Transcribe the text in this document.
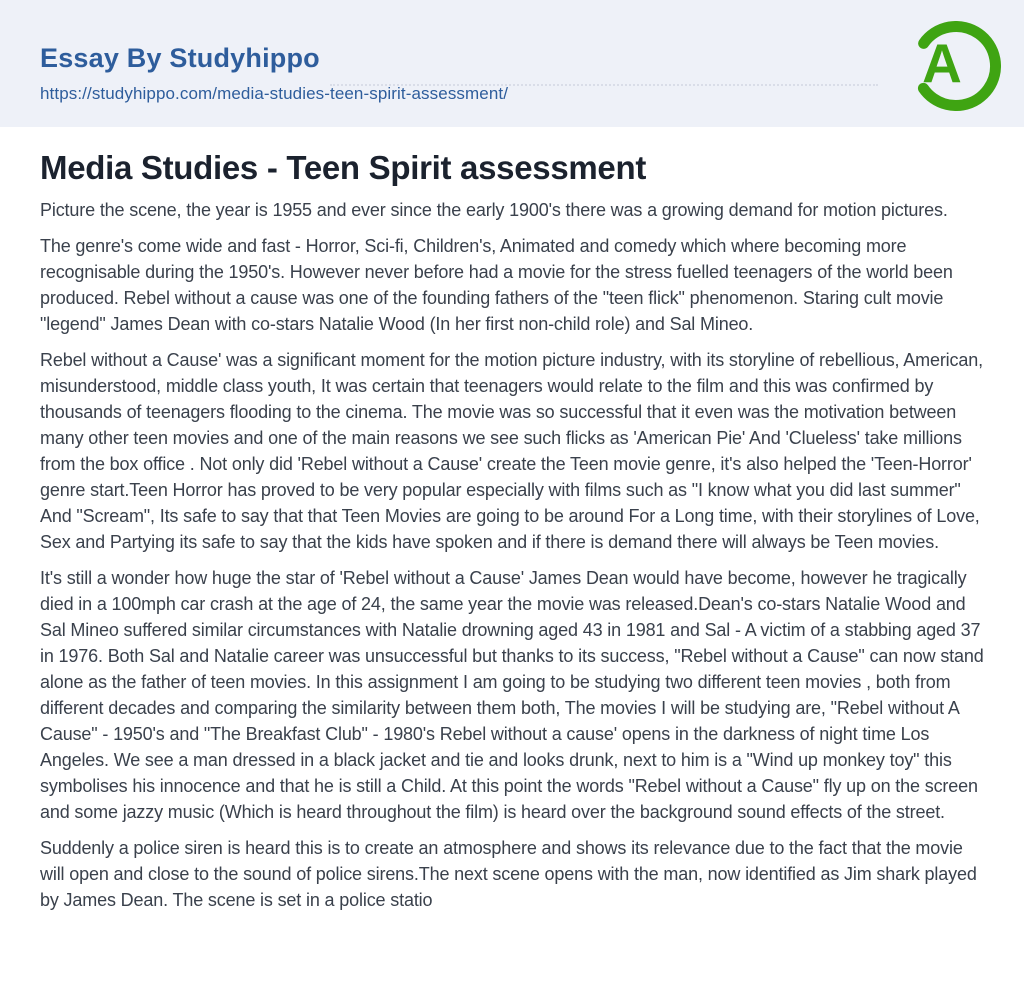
Essay By Studyhippo
https://studyhippo.com/media-studies-teen-spirit-assessment/	A
Media Studies - Teen Spirit assessment

Picture the scene, the year is 1955 and ever since the early 1900's there was a growing demand for motion pictures.

The genre's come wide and fast - Horror, Sci-fi, Children's, Animated and comedy which where becoming more recognisable during the 1950's. However never before had a movie for the stress fuelled teenagers of the world been produced. Rebel without a cause was one of the founding fathers of the "teen flick" phenomenon. Staring cult movie "legend" James Dean with co-stars Natalie Wood (In her first non-child role) and Sal Mineo.

Rebel without a Cause' was a significant moment for the motion picture industry, with its storyline of rebellious, American, misunderstood, middle class youth, It was certain that teenagers would relate to the film and this was confirmed by thousands of teenagers flooding to the cinema. The movie was so successful that it even was the motivation between many other teen movies and one of the main reasons we see such flicks as 'American Pie' And 'Clueless' take millions from the box office . Not only did 'Rebel without a Cause' create the Teen movie genre, it's also helped the 'Teen-Horror' genre start.Teen Horror has proved to be very popular especially with films such as "I know what you did last summer" And "Scream", Its safe to say that that Teen Movies are going to be around For a Long time, with their storylines of Love, Sex and Partying its safe to say that the kids have spoken and if there is demand there will always be Teen movies.

It's still a wonder how huge the star of 'Rebel without a Cause' James Dean would have become, however he tragically died in a 100mph car crash at the age of 24, the same year the movie was released.Dean's co-stars Natalie Wood and Sal Mineo suffered similar circumstances with Natalie drowning aged 43 in 1981 and Sal - A victim of a stabbing aged 37 in 1976. Both Sal and Natalie career was unsuccessful but thanks to its success, "Rebel without a Cause" can now stand alone as the father of teen movies. In this assignment I am going to be studying two different teen movies , both from different decades and comparing the similarity between them both, The movies I will be studying are, "Rebel without A Cause" - 1950's and "The Breakfast Club" - 1980's Rebel without a cause' opens in the darkness of night time Los Angeles. We see a man dressed in a black jacket and tie and looks drunk, next to him is a "Wind up monkey toy" this symbolises his innocence and that he is still a Child. At this point the words "Rebel without a Cause" fly up on the screen and some jazzy music (Which is heard throughout the film) is heard over the background sound effects of the street.

Suddenly a police siren is heard this is to create an atmosphere and shows its relevance due to the fact that the movie will open and close to the sound of police sirens.The next scene opens with the man, now identified as Jim shark played by James Dean. The scene is set in a police statio
